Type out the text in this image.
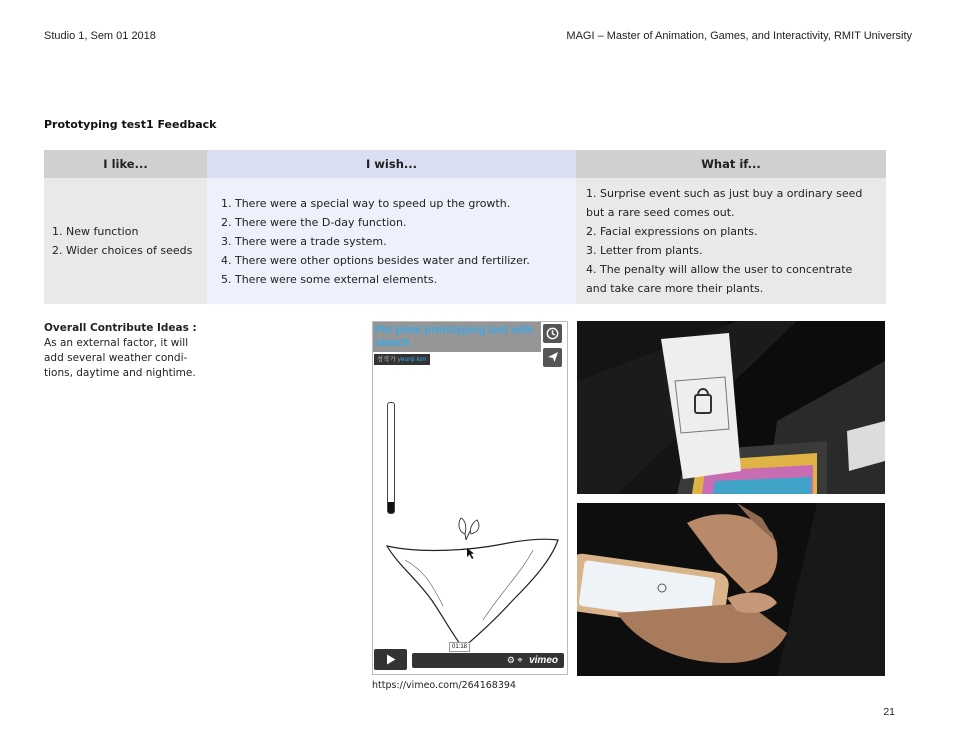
Studio 1, Sem 01 2018	MAGI – Master of Animation, Games, and Interactivity, RMIT University
Prototyping test1 Feedback
I like...
1. New function
2. Wider choices of seeds
I wish...
1. There were a special way to speed up the growth.
2. There were the D-day function.
3. There were a trade system.
4. There were other options besides water and fertilizer.
5. There were some external elements.
What if...
1. Surprise event such as just buy a ordinary seed
but a rare seed comes out.
2. Facial expressions on plants.
3. Letter from plants.
4. The penalty will allow the user to concentrate
and take care more their plants.
Overall Contribute Ideas :
As an external factor, it will
add several weather condi-
tions, daytime and nightime.
Pet plant prototyping test with sketch
창작가 yeonji kim
01:18
⚙ ⌖ vimeo
https://vimeo.com/264168394
21
